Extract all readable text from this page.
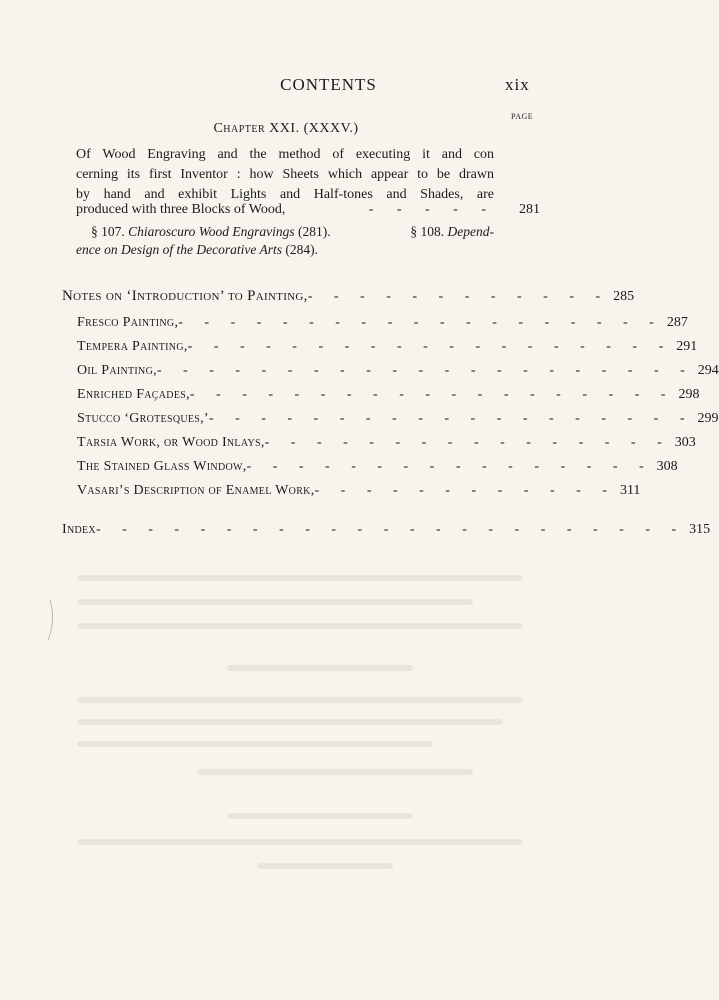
CONTENTS	xix
PAGE
Chapter XXI. (XXXV.)
Of Wood Engraving and the method of executing it and con
cerning its first Inventor : how Sheets which appear to be drawn
by hand and exhibit Lights and Half-tones and Shades, are
produced with three Blocks of Wood,	- - - - -	281
§ 107. Chiaroscuro Wood Engravings (281).	§ 108. Depend-
ence on Design of the Decorative Arts (284).
Notes on ‘Introduction’ to Painting, - - - - - - - - - - - - 285
Fresco Painting, - - - - - - - - - - - - - - - - - - - 287
Tempera Painting, - - - - - - - - - - - - - - - - - - - 291
Oil Painting, - - - - - - - - - - - - - - - - - - - - - 294
Enriched Façades, - - - - - - - - - - - - - - - - - - - 298
Stucco ‘Grotesques,’ - - - - - - - - - - - - - - - - - - - 299
Tarsia Work, or Wood Inlays, - - - - - - - - - - - - - - - - 303
The Stained Glass Window, - - - - - - - - - - - - - - - - 308
Vasari’s Description of Enamel Work, - - - - - - - - - - - - 311
Index - - - - - - - - - - - - - - - - - - - - - - - 315
